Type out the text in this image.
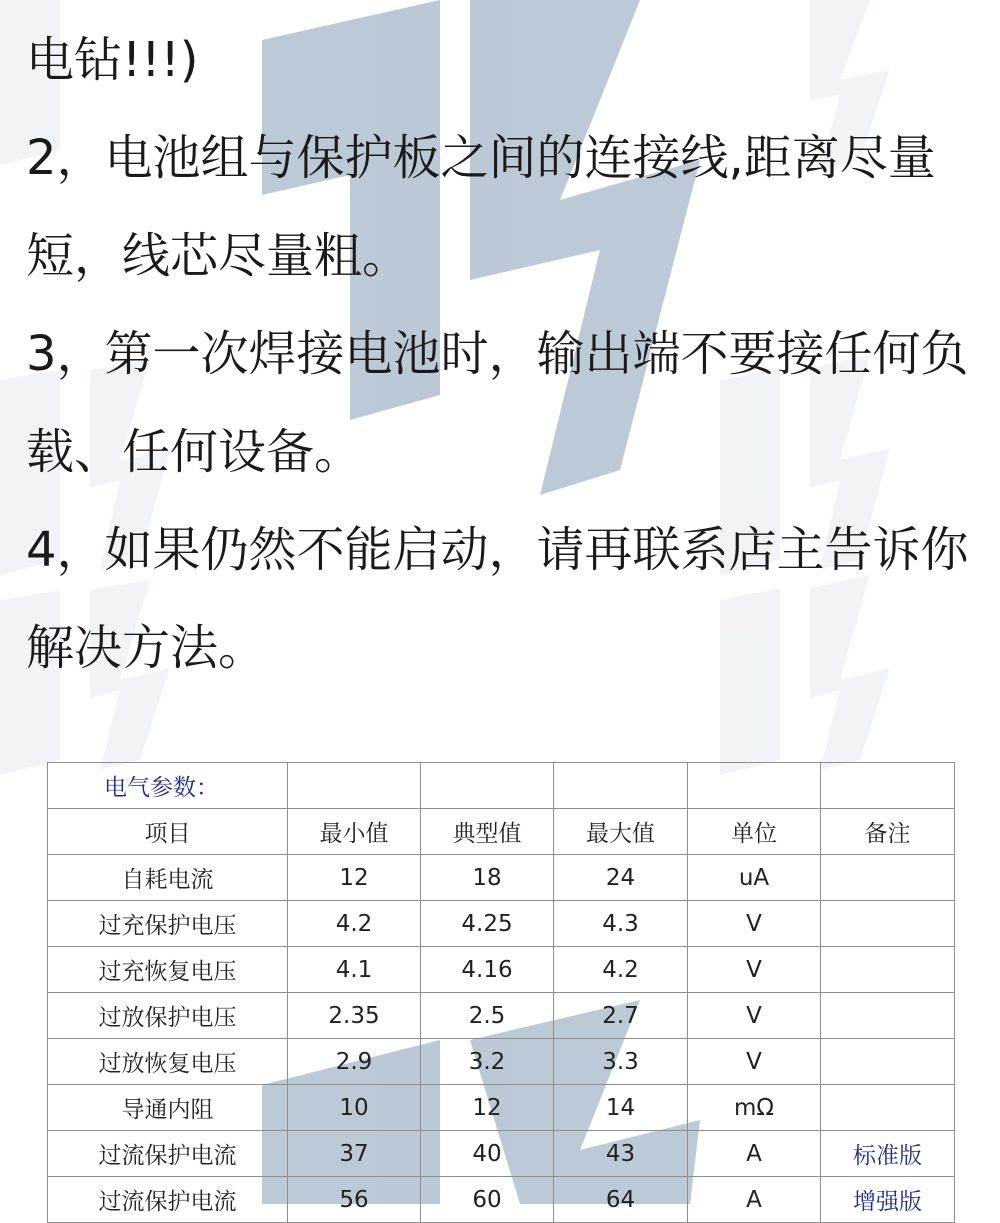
电钻!!!)
2，电池组与保护板之间的连接线,距离尽量
短，线芯尽量粗。
3，第一次焊接电池时，输出端不要接任何负
载、任何设备。
4，如果仍然不能启动，请再联系店主告诉你
解决方法。
电气参数：					
项目	最小值	典型值	最大值	单位	备注
自耗电流	12	18	24	uA	
过充保护电压	4.2	4.25	4.3	V	
过充恢复电压	4.1	4.16	4.2	V	
过放保护电压	2.35	2.5	2.7	V	
过放恢复电压	2.9	3.2	3.3	V	
导通内阻	10	12	14	mΩ	
过流保护电流	37	40	43	A	标准版
过流保护电流	56	60	64	A	增强版
